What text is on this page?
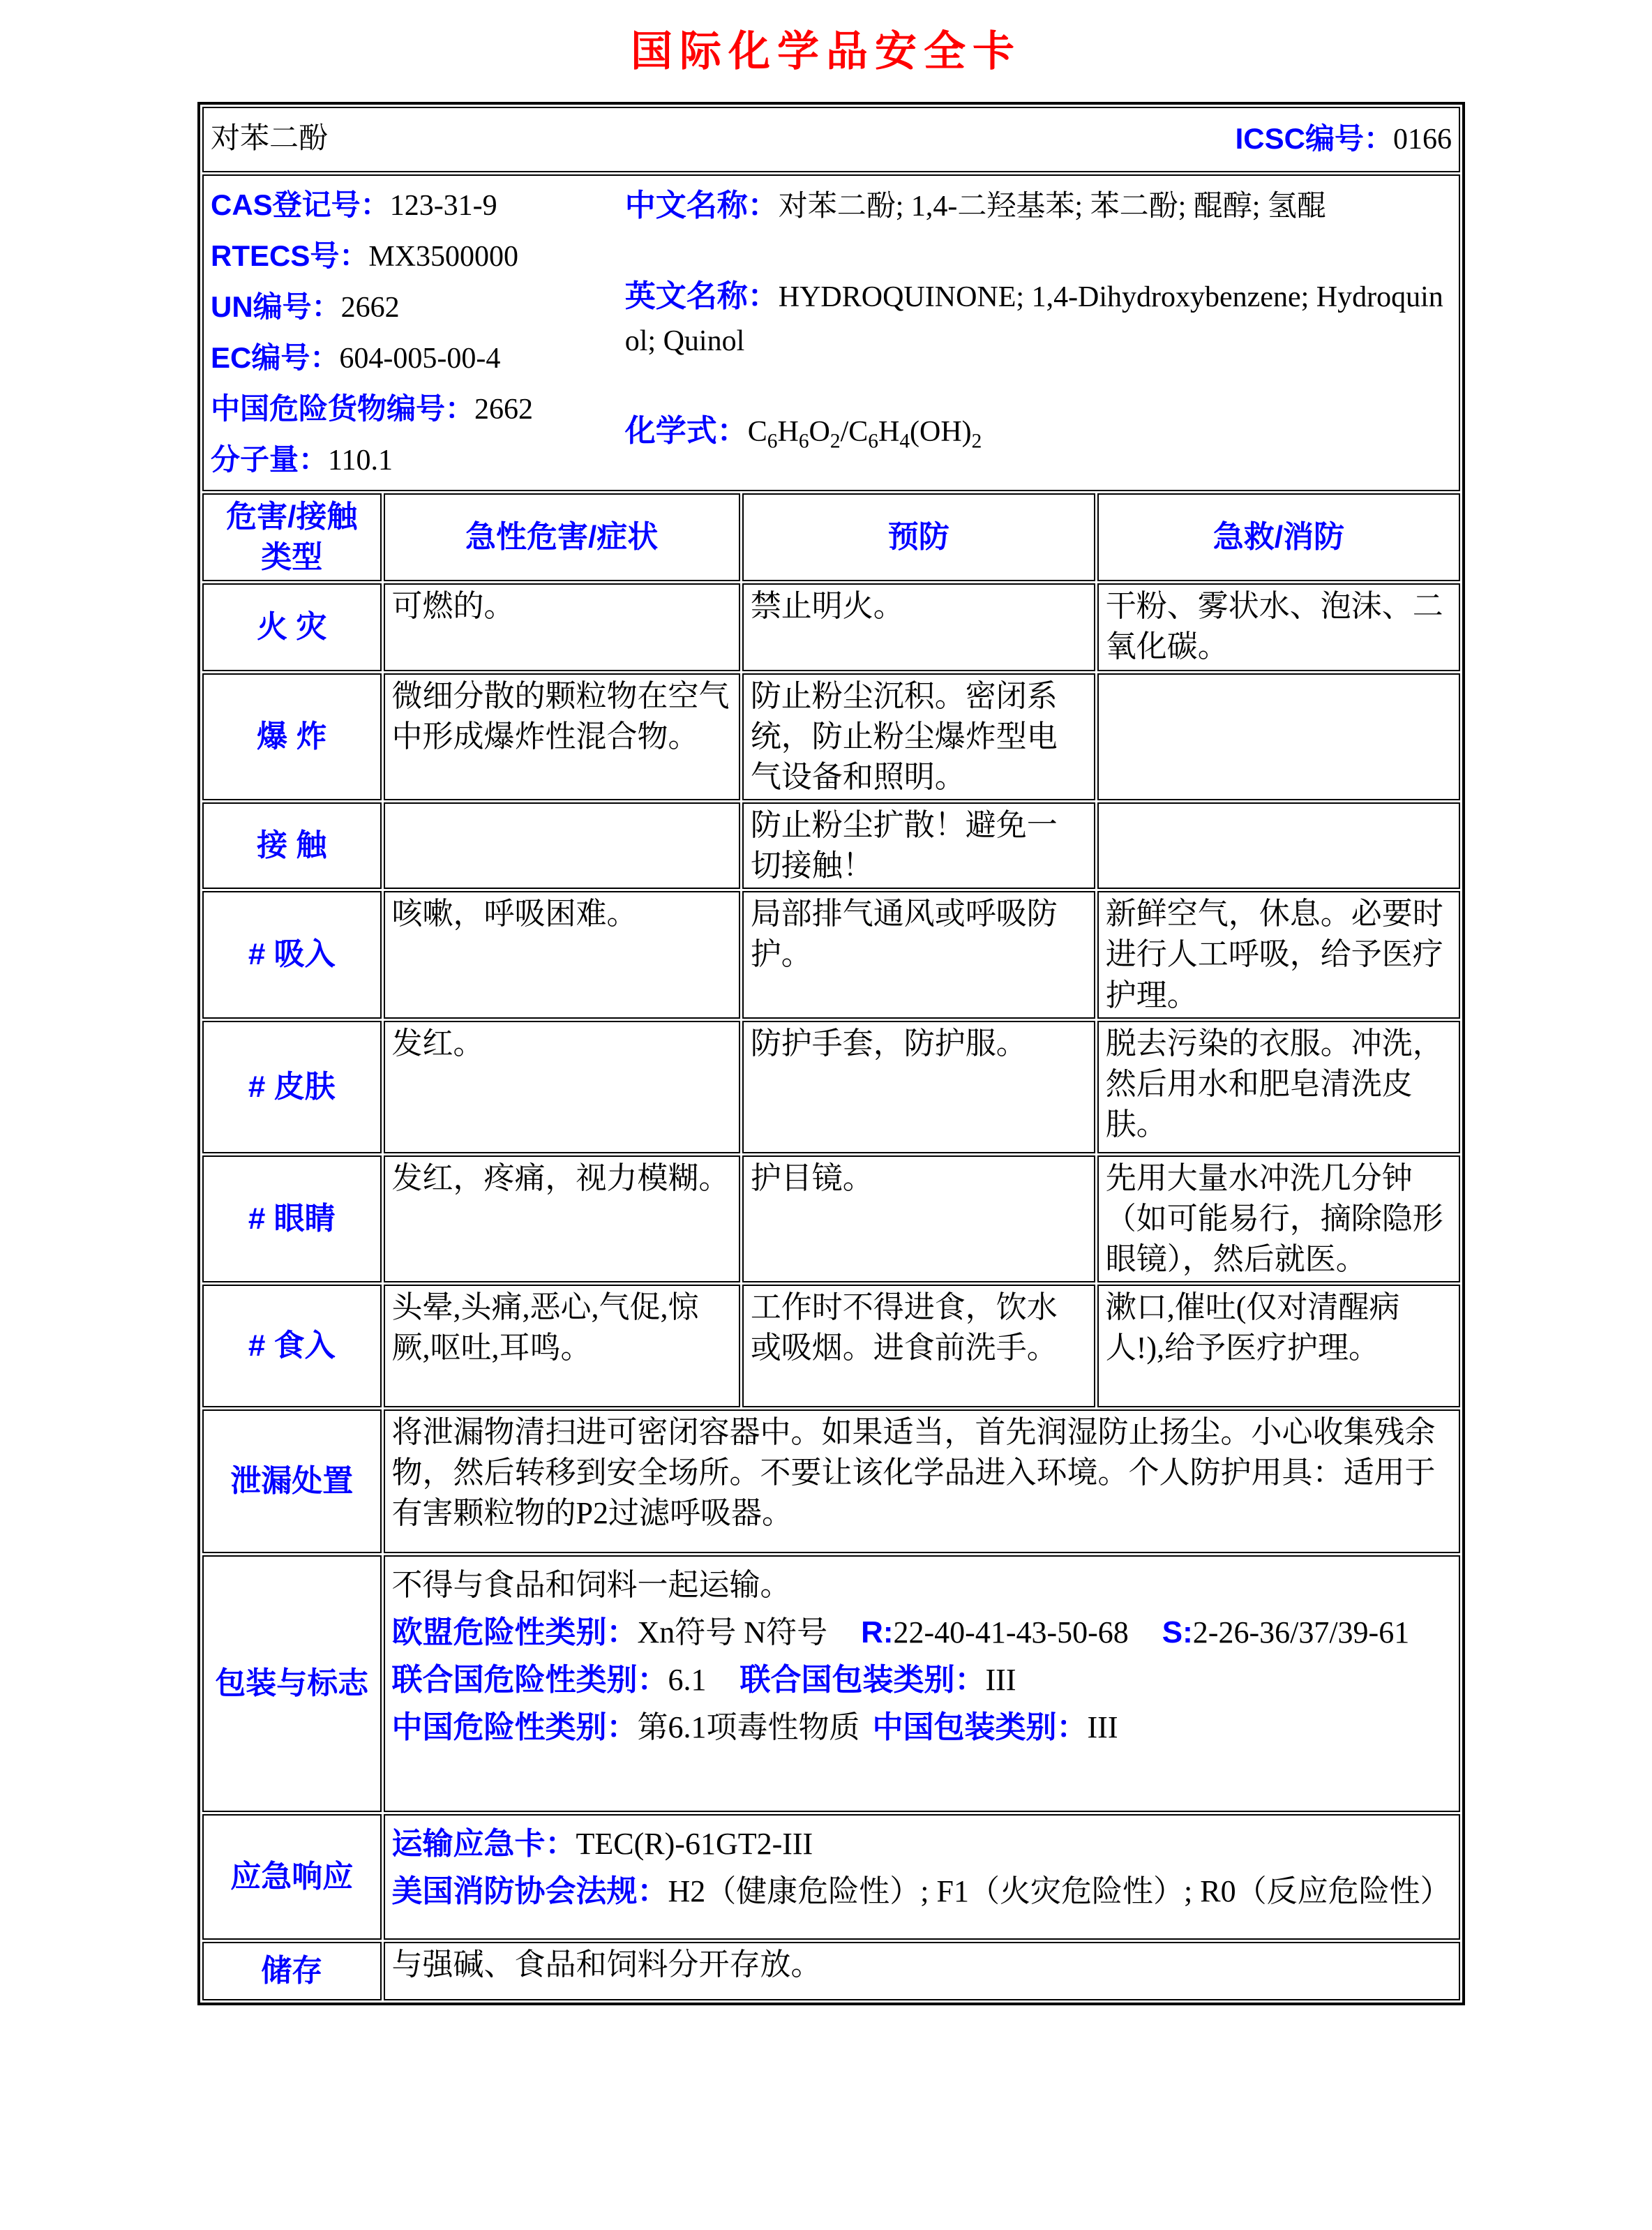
国际化学品安全卡
对苯二酚 ICSC编号：0166			

CAS登记号：123-31-9
RTECS号：MX3500000
UN编号：2662
EC编号：604-005-00-4
中国危险货物编号：2662
分子量：110.1
中文名称：对苯二酚; 1,4-二羟基苯; 苯二酚; 醌醇; 氢醌
英文名称：HYDROQUINONE; 1,4-Dihydroxybenzene; Hydroquinol; Quinol
化学式：$C_6H_6O_2/C_6H_4(OH)_2$

危害/接触 类型	急性危害/症状	预防	急救/消防
火 灾	可燃的。	禁止明火。	干粉、雾状水、泡沫、二氧化碳。
爆 炸	微细分散的颗粒物在空气中形成爆炸性混合物。	防止粉尘沉积。密闭系统，防止粉尘爆炸型电气设备和照明。	
接 触		防止粉尘扩散！避免一切接触！	
# 吸入	咳嗽，呼吸困难。	局部排气通风或呼吸防护。	新鲜空气，休息。必要时进行人工呼吸，给予医疗护理。
# 皮肤	发红。	防护手套，防护服。	脱去污染的衣服。冲洗，然后用水和肥皂清洗皮肤。
# 眼睛	发红，疼痛，视力模糊。	护目镜。	先用大量水冲洗几分钟（如可能易行，摘除隐形眼镜），然后就医。
# 食入	头晕,头痛,恶心,气促,惊厥,呕吐,耳鸣。	工作时不得进食，饮水或吸烟。进食前洗手。	漱口,催吐(仅对清醒病人!),给予医疗护理。
泄漏处置	将泄漏物清扫进可密闭容器中。如果适当，首先润湿防止扬尘。小心收集残余物，然后转移到安全场所。不要让该化学品进入环境。个人防护用具：适用于有害颗粒物的P2过滤呼吸器。		
包装与标志	不得与食品和饲料一起运输。
欧盟危险性类别：Xn符号 N符号 R:22-40-41-43-50-68 S:2-26-36/37/39-61
联合国危险性类别：6.1 联合国包装类别：III
中国危险性类别：第6.1项毒性物质 中国包装类别：III		

应急响应	运输应急卡：TEC(R)-61GT2-III
美国消防协会法规：H2（健康危险性）; F1（火灾危险性）; R0（反应危险性）		

储存	与强碱、食品和饲料分开存放。		
